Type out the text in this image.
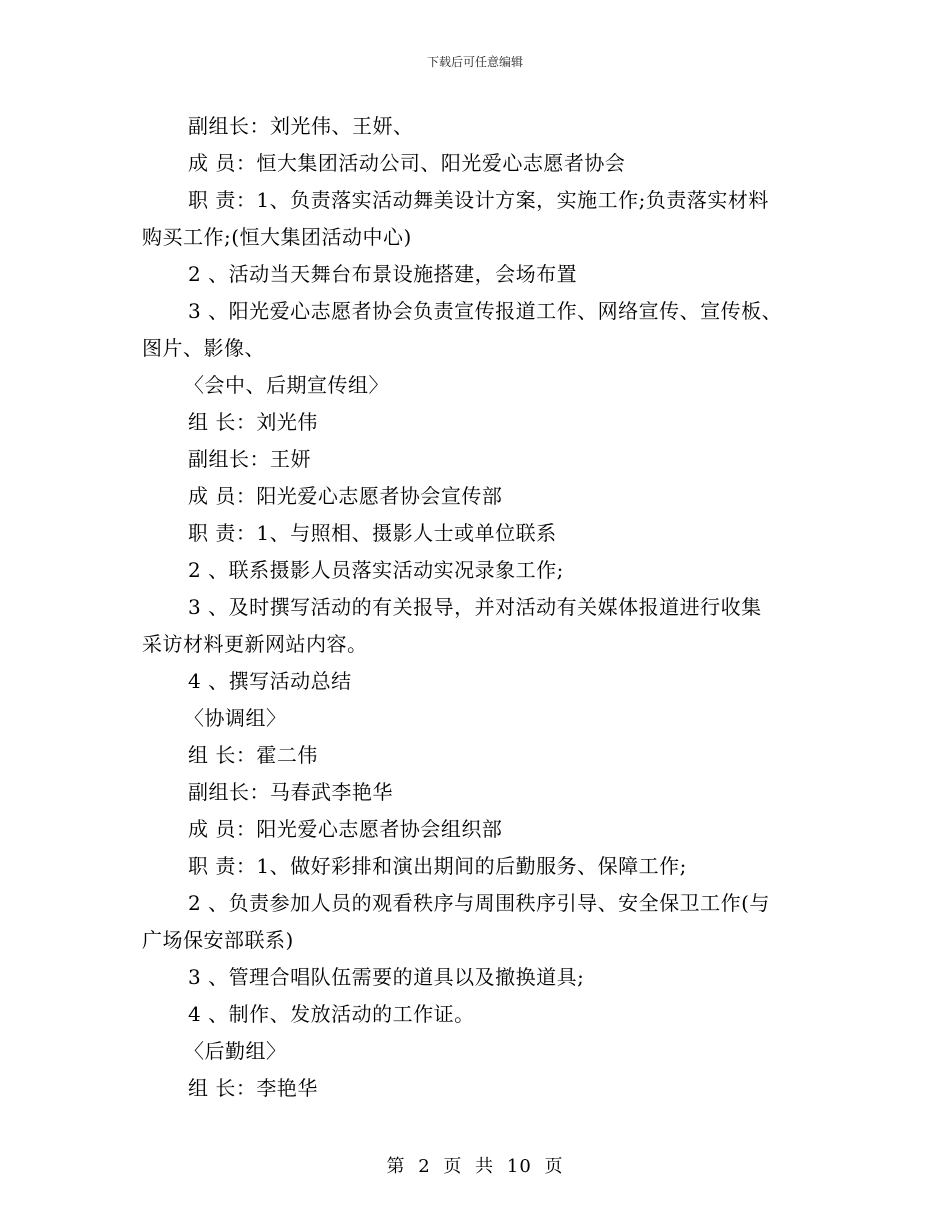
下载后可任意编辑
副组长：刘光伟、王妍、
成 员：恒大集团活动公司、阳光爱心志愿者协会
职 责：1、负责落实活动舞美设计方案，实施工作;负责落实材料
购买工作;(恒大集团活动中心)
2 、活动当天舞台布景设施搭建，会场布置
3 、阳光爱心志愿者协会负责宣传报道工作、网络宣传、宣传板、
图片、影像、
〈会中、后期宣传组〉
组 长：刘光伟
副组长：王妍
成 员：阳光爱心志愿者协会宣传部
职 责：1、与照相、摄影人士或单位联系
2 、联系摄影人员落实活动实况录象工作;
3 、及时撰写活动的有关报导，并对活动有关媒体报道进行收集
采访材料更新网站内容。
4 、撰写活动总结
〈协调组〉
组 长：霍二伟
副组长：马春武李艳华
成 员：阳光爱心志愿者协会组织部
职 责：1、做好彩排和演出期间的后勤服务、保障工作;
2 、负责参加人员的观看秩序与周围秩序引导、安全保卫工作(与
广场保安部联系)
3 、管理合唱队伍需要的道具以及撤换道具;
4 、制作、发放活动的工作证。
〈后勤组〉
组 长：李艳华
第 2 页 共 10 页
